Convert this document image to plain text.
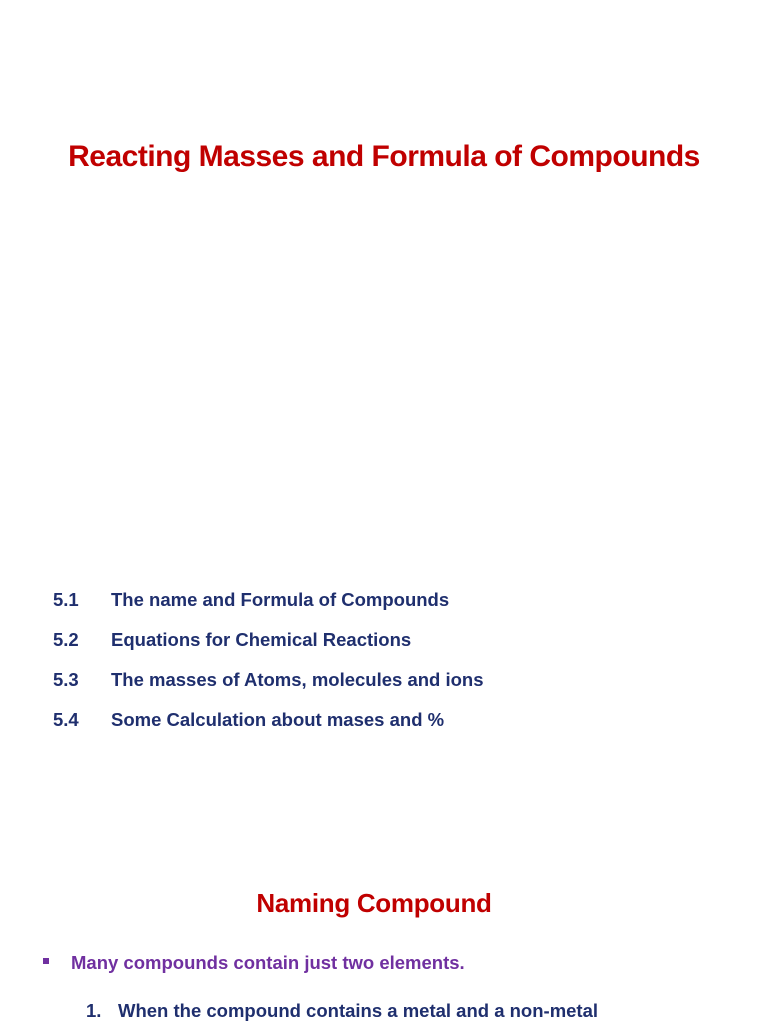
Reacting Masses and Formula of Compounds
5.1	The name and Formula of Compounds
5.2	Equations for Chemical Reactions
5.3	The masses of Atoms, molecules and ions
5.4	Some Calculation about mases and %
Naming Compound
Many compounds contain just two elements.
1. When the compound contains a metal and a non-metal
